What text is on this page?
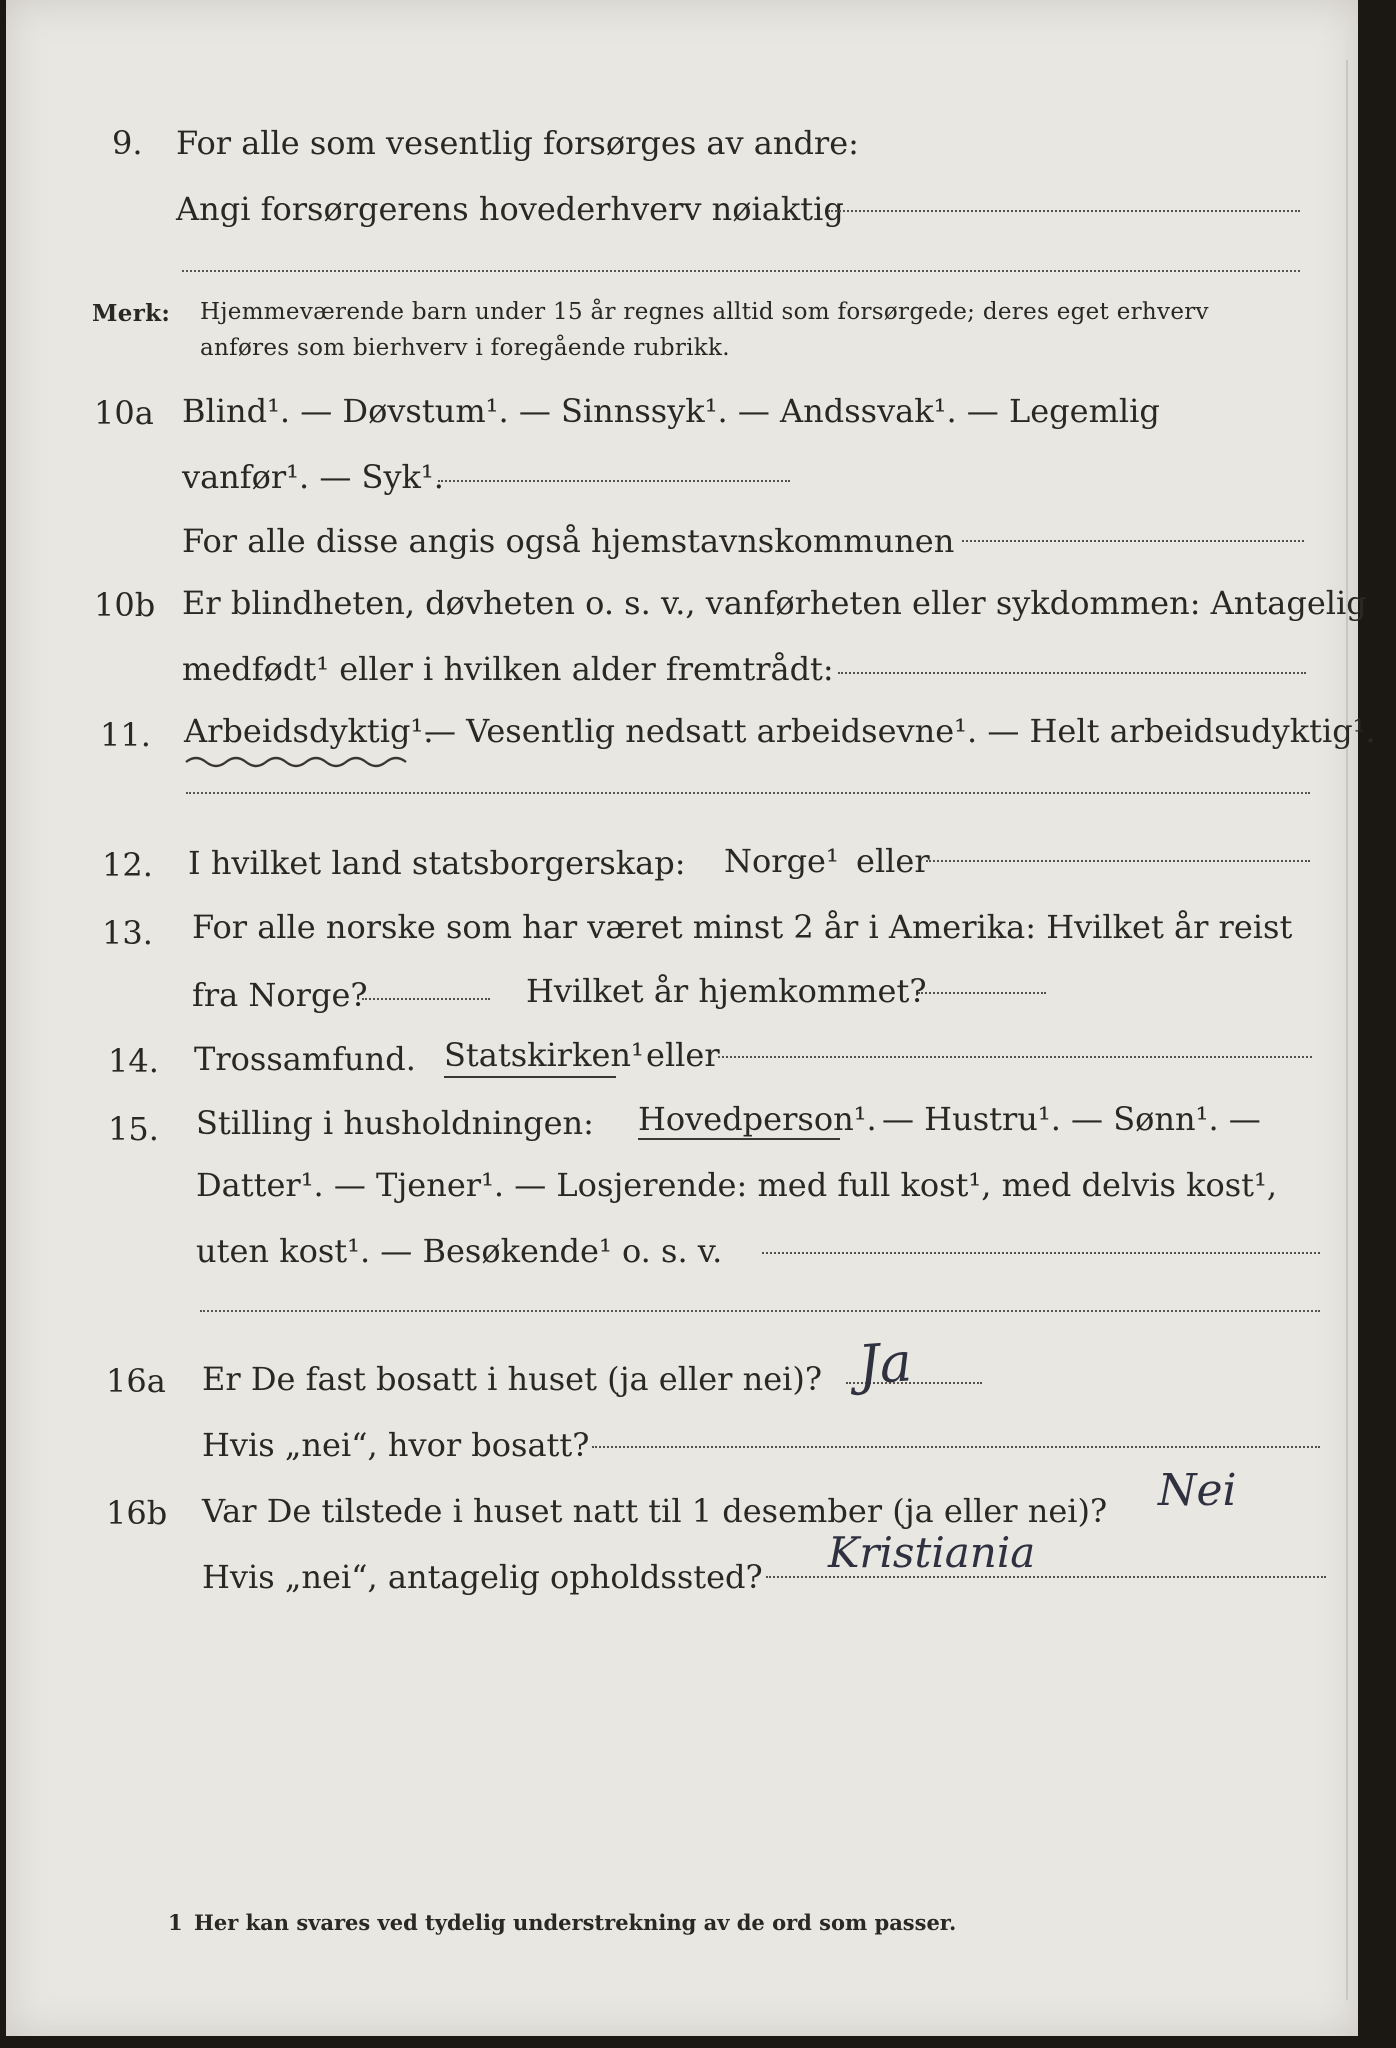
9. For alle som vesentlig forsørges av andre:
Angi forsørgerens hovederhverv nøiaktig
Merk: Hjemmeværende barn under 15 år regnes alltid som forsørgede; deres eget erhverv
anføres som bierhverv i foregående rubrikk.
10a Blind¹. — Døvstum¹. — Sinnssyk¹. — Andssvak¹. — Legemlig
vanfør¹. — Syk¹.
For alle disse angis også hjemstavnskommunen
10b Er blindheten, døvheten o. s. v., vanførheten eller sykdommen: Antagelig
medfødt¹ eller i hvilken alder fremtrådt:
11. Arbeidsdyktig¹.
— Vesentlig nedsatt arbeidsevne¹. — Helt arbeidsudyktig¹.
12. I hvilket land statsborgerskap: Norge¹ eller
13. For alle norske som har været minst 2 år i Amerika: Hvilket år reist
fra Norge?	Hvilket år hjemkommet?
14. Trossamfund. Statskirken¹ eller
15. Stilling i husholdningen: Hovedperson¹. — Hustru¹. — Sønn¹. —
Datter¹. — Tjener¹. — Losjerende: med full kost¹, med delvis kost¹,
uten kost¹. — Besøkende¹ o. s. v.
16a Er De fast bosatt i huset (ja eller nei)? Ja
Hvis „nei“, hvor bosatt?
16b Var De tilstede i huset natt til 1 desember (ja eller nei)? Nei
Hvis „nei“, antagelig opholdssted? Kristiania
1 Her kan svares ved tydelig understrekning av de ord som passer.
